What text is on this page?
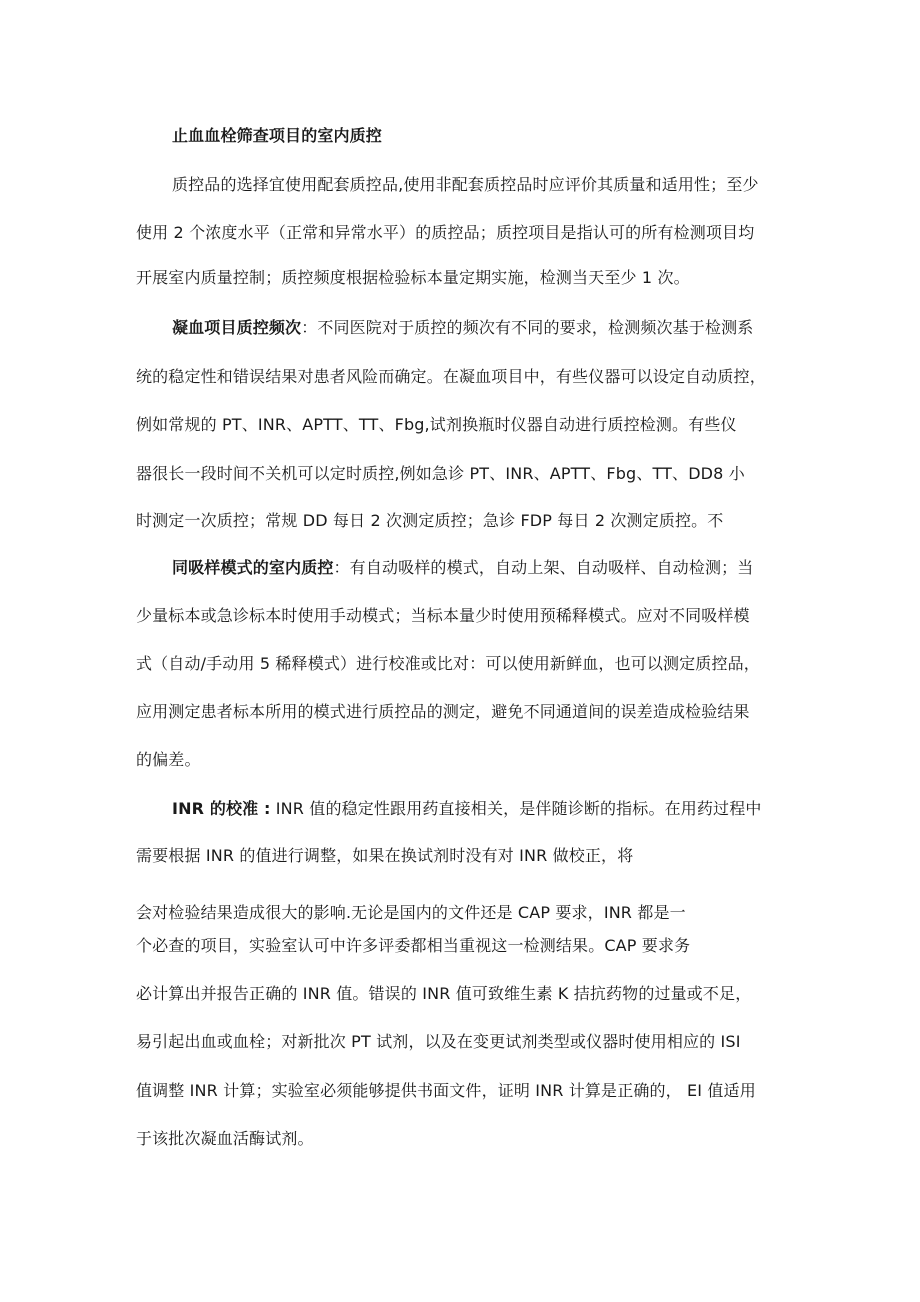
止血血栓筛查项目的室内质控
质控品的选择宜使用配套质控品,使用非配套质控品时应评价其质量和适用性；至少
使用 2 个浓度水平（正常和异常水平）的质控品；质控项目是指认可的所有检测项目均
开展室内质量控制；质控频度根据检验标本量定期实施，检测当天至少 1 次。
凝血项目质控频次：不同医院对于质控的频次有不同的要求，检测频次基于检测系
统的稳定性和错误结果对患者风险而确定。在凝血项目中，有些仪器可以设定自动质控，
例如常规的 PT、INR、APTT、TT、Fbg,试剂换瓶时仪器自动进行质控检测。有些仪
器很长一段时间不关机可以定时质控,例如急诊 PT、INR、APTT、Fbg、TT、DD8 小
时测定一次质控；常规 DD 每日 2 次测定质控；急诊 FDP 每日 2 次测定质控。不
同吸样模式的室内质控：有自动吸样的模式，自动上架、自动吸样、自动检测；当
少量标本或急诊标本时使用手动模式；当标本量少时使用预稀释模式。应对不同吸样模
式（自动/手动用 5 稀释模式）进行校准或比对：可以使用新鲜血，也可以测定质控品，
应用测定患者标本所用的模式进行质控品的测定，避免不同通道间的误差造成检验结果
的偏差。
INR 的校准 : INR 值的稳定性跟用药直接相关，是伴随诊断的指标。在用药过程中
需要根据 INR 的值进行调整，如果在换试剂时没有对 INR 做校正，将
会对检验结果造成很大的影响.无论是国内的文件还是 CAP 要求，INR 都是一
个必查的项目，实验室认可中许多评委都相当重视这一检测结果。CAP 要求务
必计算出并报告正确的 INR 值。错误的 INR 值可致维生素 K 拮抗药物的过量或不足，
易引起出血或血栓；对新批次 PT 试剂，以及在变更试剂类型或仪器时使用相应的 ISI
值调整 INR 计算；实验室必须能够提供书面文件，证明 INR 计算是正确的， EI 值适用
于该批次凝血活酶试剂。
